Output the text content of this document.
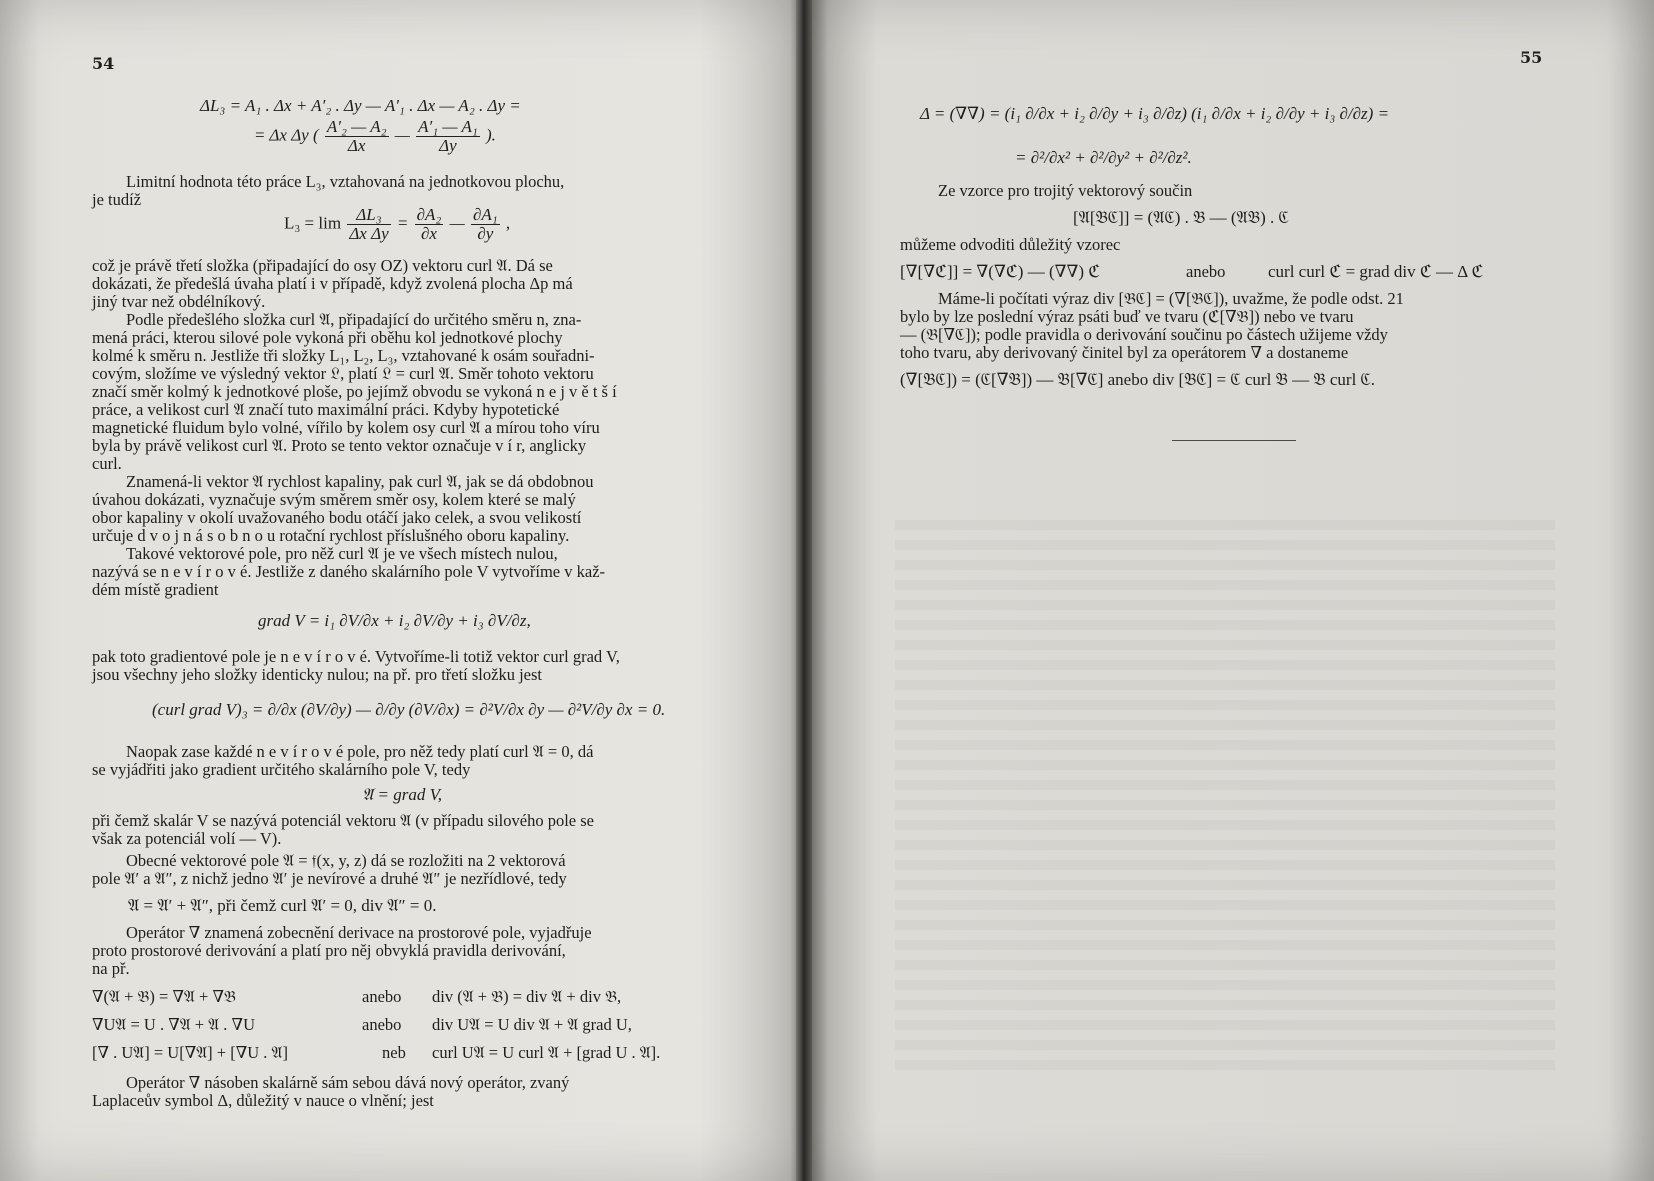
54
ΔL₃ = A₁ . Δx + A′₂ . Δy — A′₁ . Δx — A₂ . Δy =
= Δx Δy ( $\frac{\text{A′₂ — A₂}}{\Delta x}$ — $\frac{\text{A′₁ — A₁}}{\Delta y}$ ).
Limitní hodnota této práce L₃, vztahovaná na jednotkovou plochu,
je tudíž
$L_3 = \lim \frac{\text{ΔL₃}}{\text{Δx Δy}} = \frac{\text{∂A₂}}{\partial x}$ — $\frac{\text{∂A₁}}{\partial y}$ ,
což je právě třetí složka (připadající do osy OZ) vektoru curl 𝔄. Dá se
dokázati, že předešlá úvaha platí i v případě, když zvolená plocha Δp má
jiný tvar než obdélníkový.
Podle předešlého složka curl 𝔄, připadající do určitého směru n, zna-
mená práci, kterou silové pole vykoná při oběhu kol jednotkové plochy
kolmé k směru n. Jestliže tři složky L₁, L₂, L₃, vztahované k osám souřadni-
covým, složíme ve výsledný vektor 𝔏, platí 𝔏 = curl 𝔄. Směr tohoto vektoru
značí směr kolmý k jednotkové ploše, po jejímž obvodu se vykoná n e j v ě t š í
práce, a velikost curl 𝔄 značí tuto maximální práci. Kdyby hypotetické
magnetické fluidum bylo volné, vířilo by kolem osy curl 𝔄 a mírou toho víru
byla by právě velikost curl 𝔄. Proto se tento vektor označuje v í r, anglicky
curl.
Znamená-li vektor 𝔄 rychlost kapaliny, pak curl 𝔄, jak se dá obdobnou
úvahou dokázati, vyznačuje svým směrem směr osy, kolem které se malý
obor kapaliny v okolí uvažovaného bodu otáčí jako celek, a svou velikostí
určuje d v o j n á s o b n o u rotační rychlost příslušného oboru kapaliny.
Takové vektorové pole, pro něž curl 𝔄 je ve všech místech nulou,
nazývá se n e v í r o v é. Jestliže z daného skalárního pole V vytvoříme v kaž-
dém místě gradient
grad V = i₁ ∂V/∂x + i₂ ∂V/∂y + i₃ ∂V/∂z,
pak toto gradientové pole je n e v í r o v é. Vytvoříme-li totiž vektor curl grad V,
jsou všechny jeho složky identicky nulou; na př. pro třetí složku jest
(curl grad V)₃ = ∂/∂x (∂V/∂y) — ∂/∂y (∂V/∂x) = ∂²V/∂x ∂y — ∂²V/∂y ∂x = 0.
Naopak zase každé n e v í r o v é pole, pro něž tedy platí curl 𝔄 = 0, dá
se vyjádřiti jako gradient určitého skalárního pole V, tedy
𝔄 = grad V,
při čemž skalár V se nazývá potenciál vektoru 𝔄 (v případu silového pole se
však za potenciál volí — V).
Obecné vektorové pole 𝔄 = 𝔣(x, y, z) dá se rozložiti na 2 vektorová
pole 𝔄′ a 𝔄″, z nichž jedno 𝔄′ je nevírové a druhé 𝔄″ je nezřídlové, tedy
𝔄 = 𝔄′ + 𝔄″, při čemž curl 𝔄′ = 0, div 𝔄″ = 0.
Operátor ∇ znamená zobecnění derivace na prostorové pole, vyjadřuje
proto prostorové derivování a platí pro něj obvyklá pravidla derivování,
na př.
∇(𝔄 + 𝔅) = ∇𝔄 + ∇𝔅	anebo div (𝔄 + 𝔅) = div 𝔄 + div 𝔅,
∇U𝔄 = U . ∇𝔄 + 𝔄 . ∇U	anebo div U𝔄 = U div 𝔄 + 𝔄 grad U,
[∇ . U𝔄] = U[∇𝔄] + [∇U . 𝔄]	neb curl U𝔄 = U curl 𝔄 + [grad U . 𝔄].
Operátor ∇ násoben skalárně sám sebou dává nový operátor, zvaný
Laplaceův symbol Δ, důležitý v nauce o vlnění; jest
55
Δ = (∇∇) = (i₁ ∂/∂x + i₂ ∂/∂y + i₃ ∂/∂z) (i₁ ∂/∂x + i₂ ∂/∂y + i₃ ∂/∂z) =
= ∂²/∂x² + ∂²/∂y² + ∂²/∂z².
Ze vzorce pro trojitý vektorový součin
[𝔄[𝔅ℭ]] = (𝔄ℭ) . 𝔅 — (𝔄𝔅) . ℭ
můžeme odvoditi důležitý vzorec
[∇[∇ℭ]] = ∇(∇ℭ) — (∇∇) ℭ	anebo	curl curl ℭ = grad div ℭ — Δ ℭ
Máme-li počítati výraz div [𝔅ℭ] = (∇[𝔅ℭ]), uvažme, že podle odst. 21
bylo by lze poslední výraz psáti buď ve tvaru (ℭ[∇𝔅]) nebo ve tvaru
— (𝔅[∇ℭ]); podle pravidla o derivování součinu po částech užijeme vždy
toho tvaru, aby derivovaný činitel byl za operátorem ∇ a dostaneme
(∇[𝔅ℭ]) = (ℭ[∇𝔅]) — 𝔅[∇ℭ] anebo div [𝔅ℭ] = ℭ curl 𝔅 — 𝔅 curl ℭ.
